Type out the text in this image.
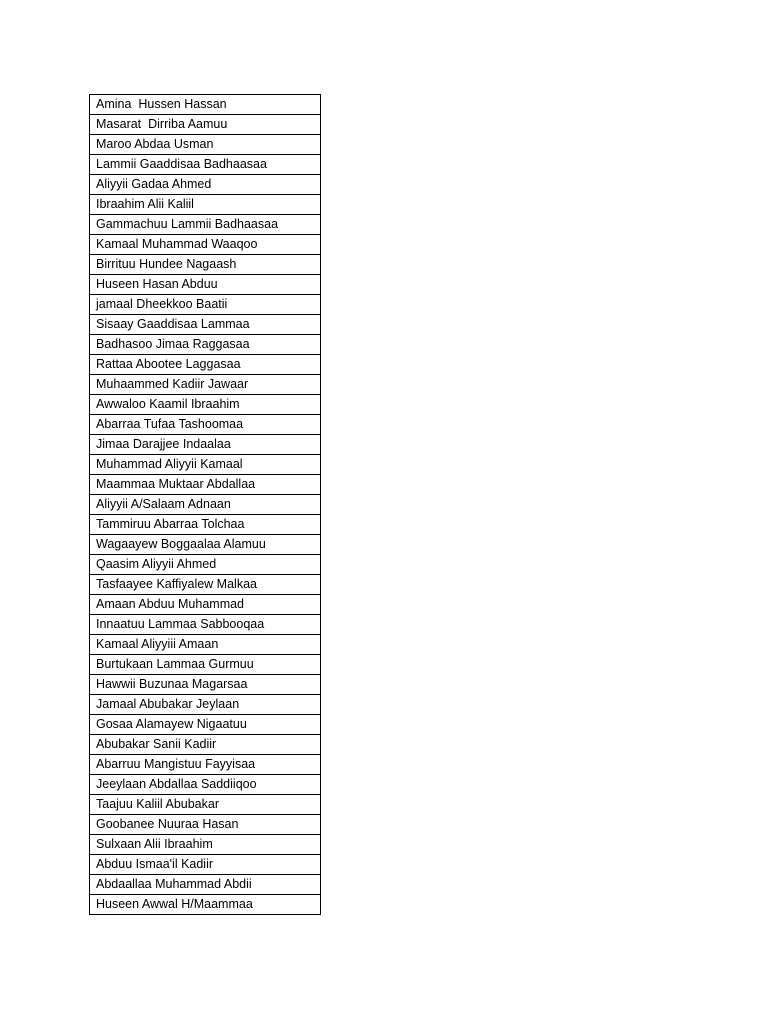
Amina  Hussen Hassan
Masarat  Dirriba Aamuu
Maroo Abdaa Usman
Lammii Gaaddisaa Badhaasaa
Aliyyii Gadaa Ahmed
Ibraahim Alii Kaliil
Gammachuu Lammii Badhaasaa
Kamaal Muhammad Waaqoo
Birrituu Hundee Nagaash
Huseen Hasan Abduu
jamaal Dheekkoo Baatii
Sisaay Gaaddisaa Lammaa
Badhasoo Jimaa Raggasaa
Rattaa Abootee Laggasaa
Muhaammed Kadiir Jawaar
Awwaloo Kaamil Ibraahim
Abarraa Tufaa Tashoomaa
Jimaa Darajjee Indaalaa
Muhammad Aliyyii Kamaal
Maammaa Muktaar Abdallaa
Aliyyii A/Salaam Adnaan
Tammiruu Abarraa Tolchaa
Wagaayew Boggaalaa Alamuu
Qaasim Aliyyii Ahmed
Tasfaayee Kaffiyalew Malkaa
Amaan Abduu Muhammad
Innaatuu Lammaa Sabbooqaa
Kamaal Aliyyiii Amaan
Burtukaan Lammaa Gurmuu
Hawwii Buzunaa Magarsaa
Jamaal Abubakar Jeylaan
Gosaa Alamayew Nigaatuu
Abubakar Sanii Kadiir
Abarruu Mangistuu Fayyisaa
Jeeylaan Abdallaa Saddiiqoo
Taajuu Kaliil Abubakar
Goobanee Nuuraa Hasan
Sulxaan Alii Ibraahim
Abduu Ismaa'il Kadiir
Abdaallaa Muhammad Abdii
Huseen Awwal H/Maammaa
